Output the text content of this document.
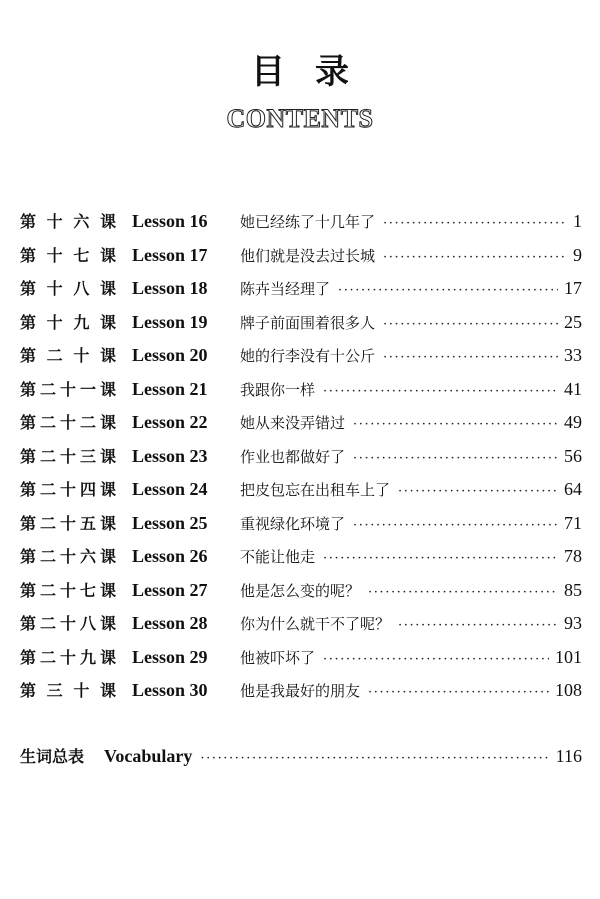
目录
CONTENTS
第 十 六 课 Lesson 16	她已经练了十几年了 ·····	1
第 十 七 课 Lesson 17	他们就是没去过长城 ·····	9
第 十 八 课 Lesson 18	陈卉当经理了 ·····	17
第 十 九 课 Lesson 19	牌子前面围着很多人 ·····	25
第 二 十 课 Lesson 20	她的行李没有十公斤 ·····	33
第 二 十 一 课 Lesson 21	我跟你一样 ·····	41
第 二 十 二 课 Lesson 22	她从来没弄错过 ·····	49
第 二 十 三 课 Lesson 23	作业也都做好了 ·····	56
第 二 十 四 课 Lesson 24	把皮包忘在出租车上了 ·····	64
第 二 十 五 课 Lesson 25	重视绿化环境了 ·····	71
第 二 十 六 课 Lesson 26	不能让他走 ·····	78
第 二 十 七 课 Lesson 27	他是怎么变的呢？ ·····	85
第 二 十 八 课 Lesson 28	你为什么就干不了呢？ ·····	93
第 二 十 九 课 Lesson 29	他被吓坏了 ·····	101
第 三 十 课 Lesson 30	他是我最好的朋友 ·····	108
生词总表 Vocabulary ·····	116
